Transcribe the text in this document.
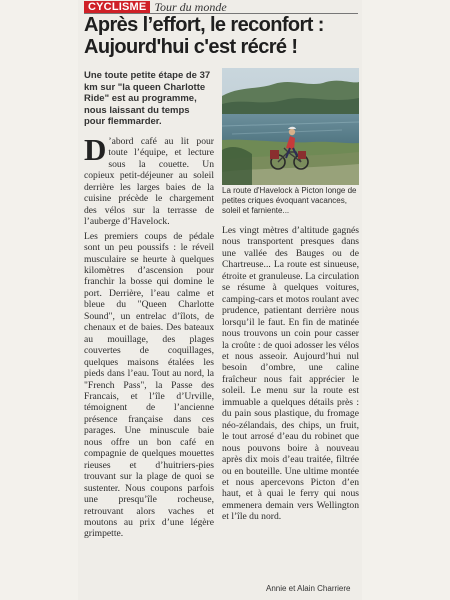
CYCLISME Tour du monde
Après l’effort, le reconfort :
Aujourd'hui c'est récré !

Une toute petite étape de 37 km sur "la queen Charlotte Ride" est au programme, nous laissant du temps pour flemmarder.

La route d'Havelock à Picton longe de petites criques évoquant vacances, soleil et farniente...

D ’abord café au lit pour toute l’équipe, et lecture sous la couette. Un copieux petit-déjeuner au soleil derrière les larges baies de la cuisine précède le chargement des vélos sur la terrasse de l’auberge d’Havelock.

Les premiers coups de pédale sont un peu poussifs : le réveil musculaire se heurte à quelques kilomètres d’ascension pour franchir la bosse qui domine le port. Derrière, l’eau calme et bleue du "Queen Charlotte Sound", un entrelac d’îlots, de chenaux et de baies. Des bateaux au mouillage, des plages couvertes de coquillages, quelques maisons étalées les pieds dans l’eau. Tout au nord, la "French Pass", la Passe des Francais, et l’île d’Urville, témoignent de l’ancienne présence française dans ces parages. Une minuscule baie nous offre un bon café en compagnie de quelques mouettes rieuses et d’huitriers-pies trouvant sur la plage de quoi se sustenter. Nous coupons parfois une presqu’île rocheuse, retrouvant alors vaches et moutons au prix d’une légère grimpette.

Les vingt mètres d’altitude gagnés nous transportent presques dans une vallée des Bauges ou de Chartreuse... La route est sinueuse, étroite et granuleuse. La circulation se résume à quelques voitures, camping-cars et motos roulant avec prudence, patientant derrière nous lorsqu’il le faut. En fin de matinée nous trouvons un coin pour casser la croûte : de quoi adosser les vélos et nous asseoir. Aujourd’hui nul besoin d’ombre, une caline fraîcheur nous fait apprécier le soleil. Le menu sur la route est immuable a quelques détails près : du pain sous plastique, du fromage néo-zélandais, des chips, un fruit, le tout arrosé d’eau du robinet que nous pouvons boire à nouveau après dix mois d’eau traitée, filtrée ou en bouteille. Une ultime montée et nous apercevons Picton d’en haut, et à quai le ferry qui nous emmenera demain vers Wellington et l’île du nord.

Annie et Alain Charriere
